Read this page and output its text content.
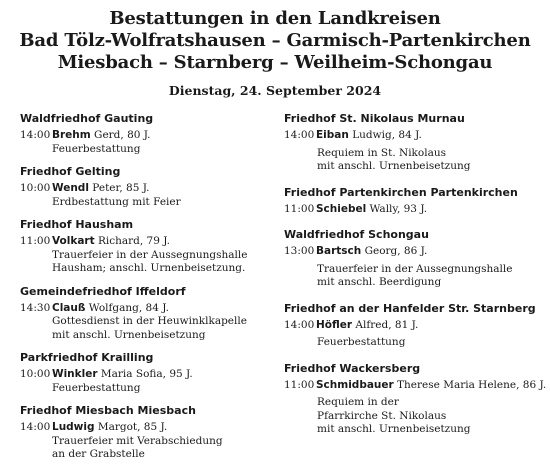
Bestattungen in den Landkreisen
Bad Tölz-Wolfratshausen – Garmisch-Partenkirchen
Miesbach – Starnberg – Weilheim-Schongau
Dienstag, 24. September 2024
Waldfriedhof Gauting
14:00 Brehm Gerd, 80 J.
Feuerbestattung
Friedhof Gelting
10:00 Wendl Peter, 85 J.
Erdbestattung mit Feier
Friedhof Hausham
11:00 Volkart Richard, 79 J.
Trauerfeier in der Aussegnungshalle
Hausham; anschl. Urnenbeisetzung.
Gemeindefriedhof Iffeldorf
14:30 Clauß Wolfgang, 84 J.
Gottesdienst in der Heuwinklkapelle
mit anschl. Urnenbeisetzung
Parkfriedhof Krailling
10:00 Winkler Maria Sofia, 95 J.
Feuerbestattung
Friedhof Miesbach Miesbach
14:00 Ludwig Margot, 85 J.
Trauerfeier mit Verabschiedung
an der Grabstelle
Friedhof St. Nikolaus Murnau
14:00 Eiban Ludwig, 84 J.
Requiem in St. Nikolaus
mit anschl. Urnenbeisetzung
Friedhof Partenkirchen Partenkirchen
11:00 Schiebel Wally, 93 J.
Waldfriedhof Schongau
13:00 Bartsch Georg, 86 J.
Trauerfeier in der Aussegnungshalle
mit anschl. Beerdigung
Friedhof an der Hanfelder Str. Starnberg
14:00 Höfler Alfred, 81 J.
Feuerbestattung
Friedhof Wackersberg
11:00 Schmidbauer Therese Maria Helene, 86 J.
Requiem in der
Pfarrkirche St. Nikolaus
mit anschl. Urnenbeisetzung
